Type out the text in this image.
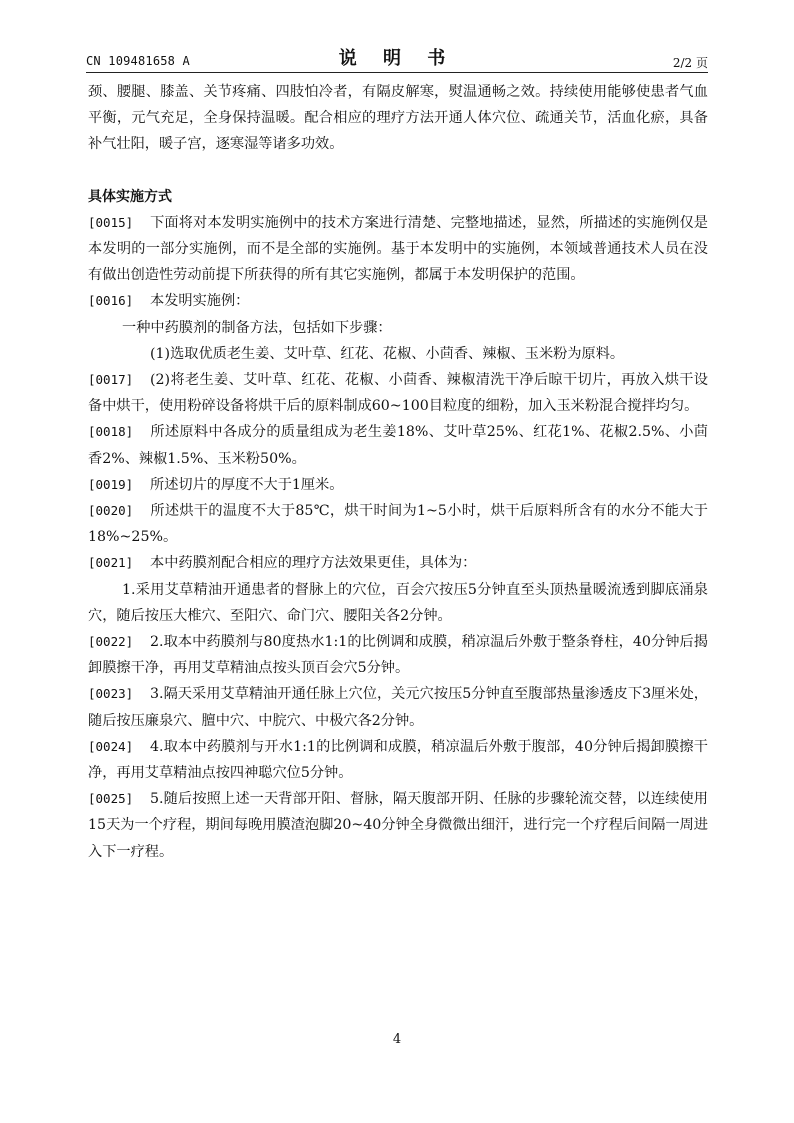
CN 109481658 A	说 明 书	2/2 页

颈、腰腿、膝盖、关节疼痛、四肢怕冷者，有隔皮解寒，熨温通畅之效。持续使用能够使患者气血平衡，元气充足，全身保持温暖。配合相应的理疗方法开通人体穴位、疏通关节，活血化瘀，具备补气壮阳，暖子宫，逐寒湿等诸多功效。

具体实施方式

[0015] 下面将对本发明实施例中的技术方案进行清楚、完整地描述，显然，所描述的实施例仅是本发明的一部分实施例，而不是全部的实施例。基于本发明中的实施例，本领域普通技术人员在没有做出创造性劳动前提下所获得的所有其它实施例，都属于本发明保护的范围。

[0016] 本发明实施例：

一种中药膜剂的制备方法，包括如下步骤：

(1)选取优质老生姜、艾叶草、红花、花椒、小茴香、辣椒、玉米粉为原料。

[0017] (2)将老生姜、艾叶草、红花、花椒、小茴香、辣椒清洗干净后晾干切片，再放入烘干设备中烘干，使用粉碎设备将烘干后的原料制成60~100目粒度的细粉，加入玉米粉混合搅拌均匀。

[0018] 所述原料中各成分的质量组成为老生姜18%、艾叶草25%、红花1%、花椒2.5%、小茴香2%、辣椒1.5%、玉米粉50%。

[0019] 所述切片的厚度不大于1厘米。

[0020] 所述烘干的温度不大于85℃，烘干时间为1~5小时，烘干后原料所含有的水分不能大于18%~25%。

[0021] 本中药膜剂配合相应的理疗方法效果更佳，具体为：

1.采用艾草精油开通患者的督脉上的穴位，百会穴按压5分钟直至头顶热量暖流透到脚底涌泉穴，随后按压大椎穴、至阳穴、命门穴、腰阳关各2分钟。

[0022] 2.取本中药膜剂与80度热水1:1的比例调和成膜，稍凉温后外敷于整条脊柱，40分钟后揭卸膜擦干净，再用艾草精油点按头顶百会穴5分钟。

[0023] 3.隔天采用艾草精油开通任脉上穴位，关元穴按压5分钟直至腹部热量渗透皮下3厘米处，随后按压廉泉穴、膻中穴、中脘穴、中极穴各2分钟。

[0024] 4.取本中药膜剂与开水1:1的比例调和成膜，稍凉温后外敷于腹部，40分钟后揭卸膜擦干净，再用艾草精油点按四神聪穴位5分钟。

[0025] 5.随后按照上述一天背部开阳、督脉，隔天腹部开阴、任脉的步骤轮流交替，以连续使用15天为一个疗程，期间每晚用膜渣泡脚20~40分钟全身微微出细汗，进行完一个疗程后间隔一周进入下一疗程。

4
